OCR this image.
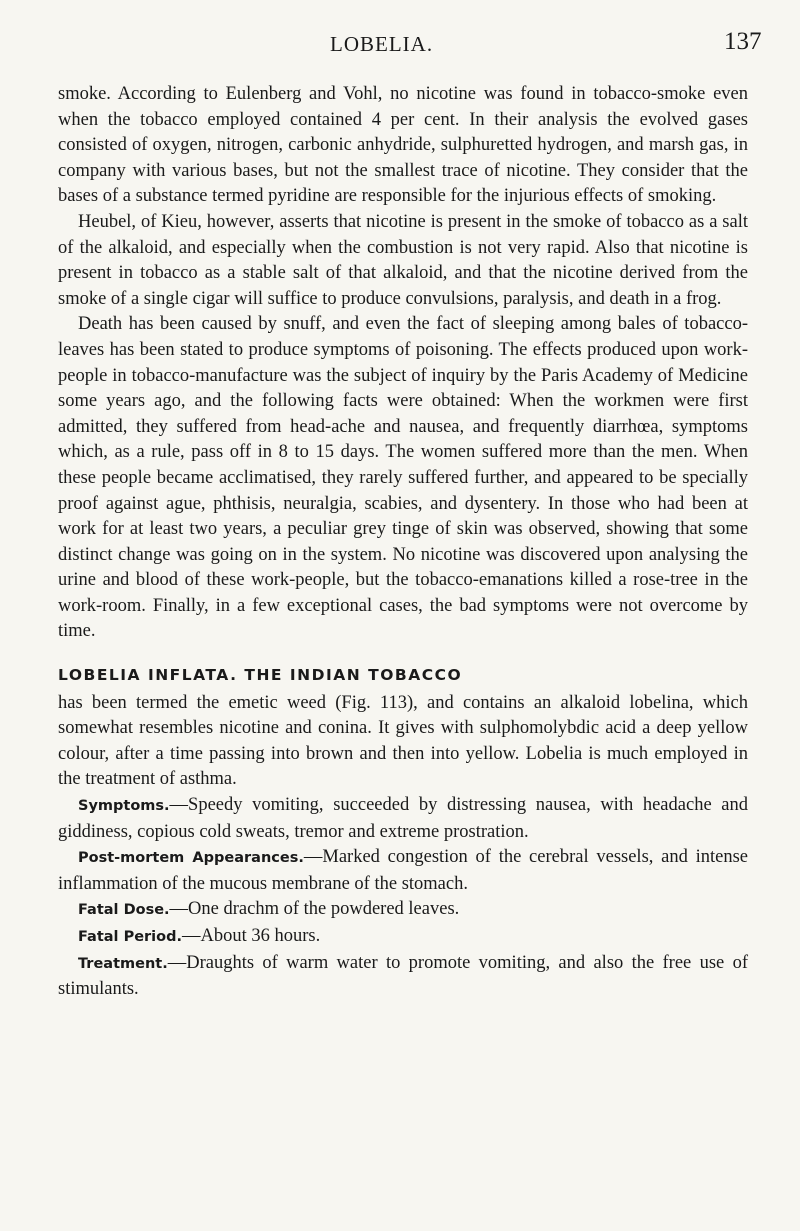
LOBELIA.	137

smoke. According to Eulenberg and Vohl, no nicotine was found in tobacco-smoke even when the tobacco employed contained 4 per cent. In their analysis the evolved gases consisted of oxygen, nitrogen, carbonic anhydride, sulphuretted hydrogen, and marsh gas, in company with various bases, but not the smallest trace of nicotine. They consider that the bases of a substance termed pyridine are responsible for the injurious effects of smoking.

Heubel, of Kieu, however, asserts that nicotine is present in the smoke of tobacco as a salt of the alkaloid, and especially when the combustion is not very rapid. Also that nicotine is present in tobacco as a stable salt of that alkaloid, and that the nicotine derived from the smoke of a single cigar will suffice to produce convulsions, paralysis, and death in a frog.

Death has been caused by snuff, and even the fact of sleeping among bales of tobacco-leaves has been stated to produce symptoms of poisoning. The effects produced upon work-people in tobacco-manufacture was the subject of inquiry by the Paris Academy of Medicine some years ago, and the following facts were obtained: When the workmen were first admitted, they suffered from head-ache and nausea, and frequently diarrhœa, symptoms which, as a rule, pass off in 8 to 15 days. The women suffered more than the men. When these people became acclimatised, they rarely suffered further, and appeared to be specially proof against ague, phthisis, neuralgia, scabies, and dysentery. In those who had been at work for at least two years, a peculiar grey tinge of skin was observed, showing that some distinct change was going on in the system. No nicotine was discovered upon analysing the urine and blood of these work-people, but the tobacco-emanations killed a rose-tree in the work-room. Finally, in a few exceptional cases, the bad symptoms were not overcome by time.

LOBELIA INFLATA. THE INDIAN TOBACCO

has been termed the emetic weed (Fig. 113), and contains an alkaloid lobelina, which somewhat resembles nicotine and conina. It gives with sulphomolybdic acid a deep yellow colour, after a time passing into brown and then into yellow. Lobelia is much employed in the treatment of asthma.

Symptoms.—Speedy vomiting, succeeded by distressing nausea, with headache and giddiness, copious cold sweats, tremor and extreme prostration.

Post-mortem Appearances.—Marked congestion of the cerebral vessels, and intense inflammation of the mucous membrane of the stomach.

Fatal Dose.—One drachm of the powdered leaves.

Fatal Period.—About 36 hours.

Treatment.—Draughts of warm water to promote vomiting, and also the free use of stimulants.
